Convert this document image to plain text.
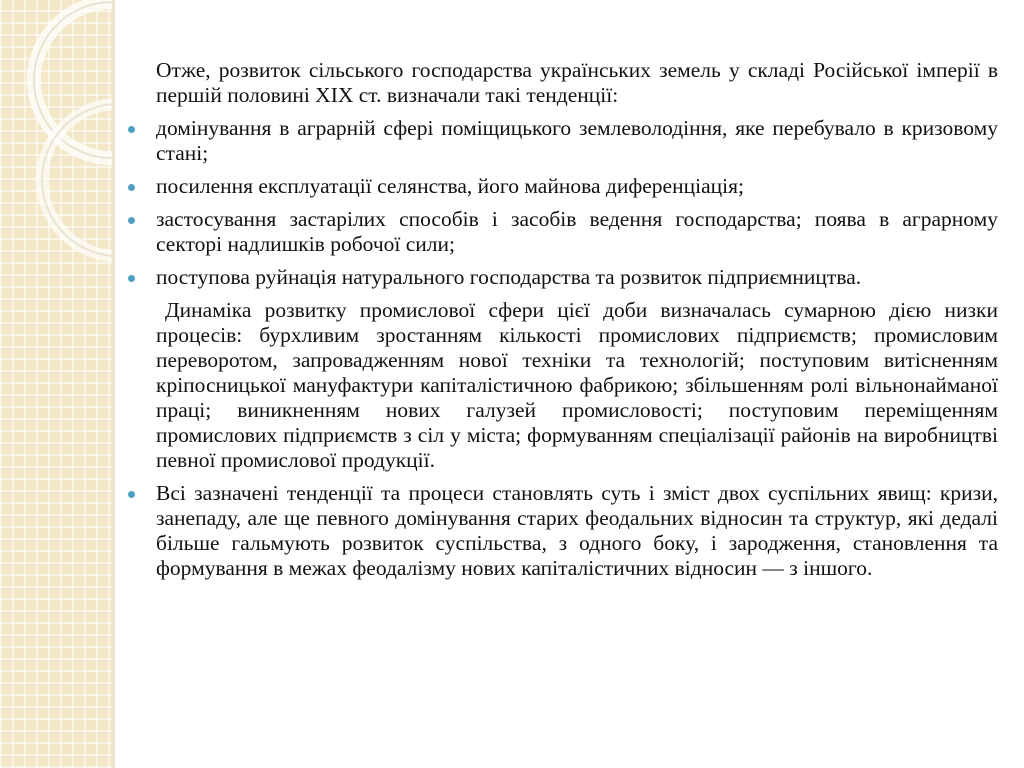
Отже, розвиток сільського господарства українських земель у складі Російської імперії в першій половині XIX ст. визначали такі тенденції:

домінування в аграрній сфері поміщицького землеволодіння, яке перебувало в кризовому стані;
посилення експлуатації селянства, його майнова диференціація;
застосування застарілих способів і засобів ведення господарства; поява в аграрному секторі надлишків робочої сили;
поступова руйнація натурального господарства та розвиток підприємництва.

Динаміка розвитку промислової сфери цієї доби визначалась сумарною дією низки процесів: бурхливим зростанням кількості промислових підприємств; промисловим переворотом, запровадженням нової техніки та технологій; поступовим витісненням кріпосницької мануфактури капіталістичною фабрикою; збільшенням ролі вільнонайманої праці; виникненням нових галузей промисловості; поступовим переміщенням промислових підприємств з сіл у міста; формуванням спеціалізації районів на виробництві певної промислової продукції.

Всі зазначені тенденції та процеси становлять суть і зміст двох суспільних явищ: кризи, занепаду, але ще певного домінування старих феодальних відносин та структур, які дедалі більше гальмують розвиток суспільства, з одного боку, і зародження, становлення та формування в межах феодалізму нових капіталістичних відносин — з іншого.
